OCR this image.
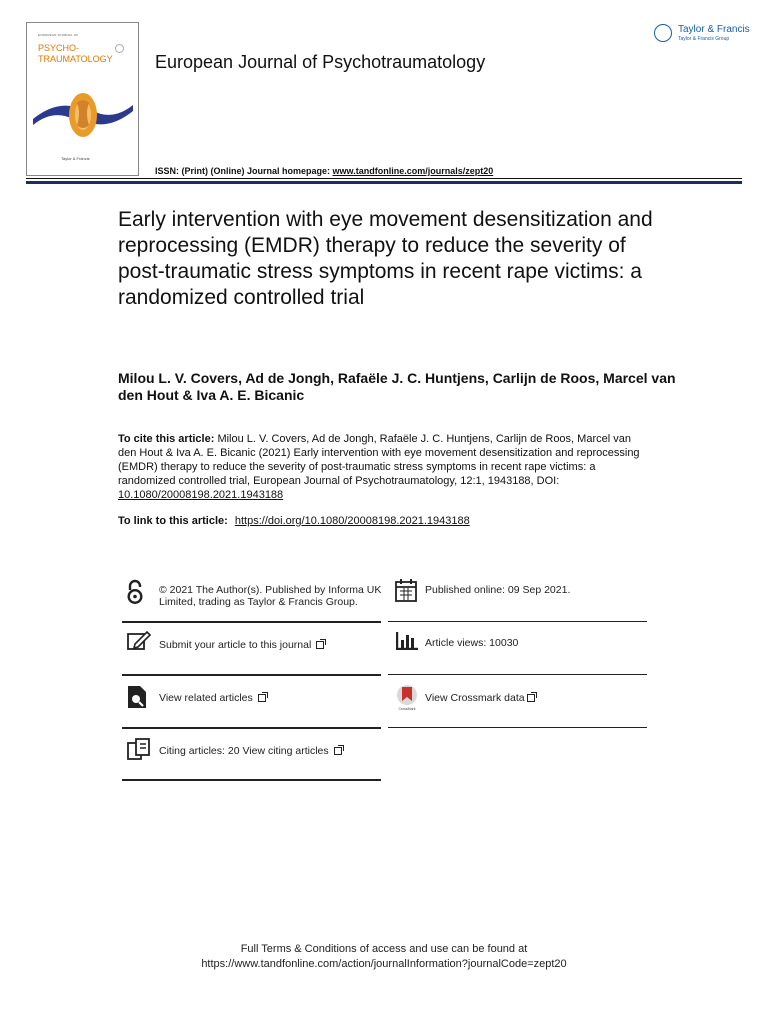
EUROPEAN JOURNAL OF
PSYCHO-
TRAUMATOLOGY
Taylor & Francis
European Journal of Psychotraumatology
Taylor & Francis
Taylor & Francis Group
ISSN: (Print) (Online) Journal homepage: www.tandfonline.com/journals/zept20
Early intervention with eye movement desensitization and reprocessing (EMDR) therapy to reduce the severity of post-traumatic stress symptoms in recent rape victims: a randomized controlled trial
Milou L. V. Covers, Ad de Jongh, Rafaële J. C. Huntjens, Carlijn de Roos, Marcel van den Hout & Iva A. E. Bicanic
To cite this article: Milou L. V. Covers, Ad de Jongh, Rafaële J. C. Huntjens, Carlijn de Roos, Marcel van den Hout & Iva A. E. Bicanic (2021) Early intervention with eye movement desensitization and reprocessing (EMDR) therapy to reduce the severity of post-traumatic stress symptoms in recent rape victims: a randomized controlled trial, European Journal of Psychotraumatology, 12:1, 1943188, DOI: 10.1080/20008198.2021.1943188
To link to this article: https://doi.org/10.1080/20008198.2021.1943188
© 2021 The Author(s). Published by Informa UK Limited, trading as Taylor & Francis Group.
Submit your article to this journal
View related articles
Citing articles: 20 View citing articles
Published online: 09 Sep 2021.
Article views: 10030
CrossMark
View Crossmark data
Full Terms & Conditions of access and use can be found at
https://www.tandfonline.com/action/journalInformation?journalCode=zept20
